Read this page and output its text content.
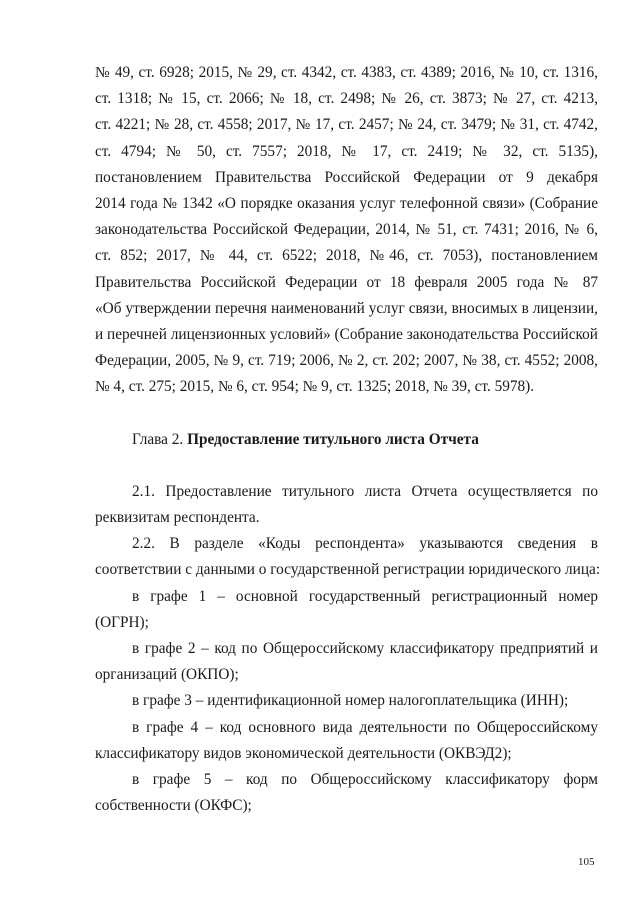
№ 49, ст. 6928; 2015, № 29, ст. 4342, ст. 4383, ст. 4389; 2016, № 10, ст. 1316,
ст. 1318; № 15, ст. 2066; № 18, ст. 2498; № 26, ст. 3873; № 27, ст. 4213,
ст. 4221; № 28, ст. 4558; 2017, № 17, ст. 2457; № 24, ст. 3479; № 31, ст. 4742,
ст. 4794; № 50, ст. 7557; 2018, № 17, ст. 2419; № 32, ст. 5135),
постановлением Правительства Российской Федерации от 9 декабря
2014 года № 1342 «О порядке оказания услуг телефонной связи» (Собрание
законодательства Российской Федерации, 2014, № 51, ст. 7431; 2016, № 6,
ст. 852; 2017, № 44, ст. 6522; 2018, №46, ст. 7053), постановлением
Правительства Российской Федерации от 18 февраля 2005 года № 87
«Об утверждении перечня наименований услуг связи, вносимых в лицензии,
и перечней лицензионных условий» (Собрание законодательства Российской
Федерации, 2005, № 9, ст. 719; 2006, № 2, ст. 202; 2007, № 38, ст. 4552; 2008,
№ 4, ст. 275; 2015, № 6, ст. 954; № 9, ст. 1325; 2018, № 39, ст. 5978).
Глава 2. Предоставление титульного листа Отчета
2.1. Предоставление титульного листа Отчета осуществляется по
реквизитам респондента.
2.2. В разделе «Коды респондента» указываются сведения в
соответствии с данными о государственной регистрации юридического лица:
в графе 1 – основной государственный регистрационный номер
(ОГРН);
в графе 2 – код по Общероссийскому классификатору предприятий и
организаций (ОКПО);
в графе 3 – идентификационной номер налогоплательщика (ИНН);
в графе 4 – код основного вида деятельности по Общероссийскому
классификатору видов экономической деятельности (ОКВЭД2);
в графе 5 – код по Общероссийскому классификатору форм
собственности (ОКФС);
105
